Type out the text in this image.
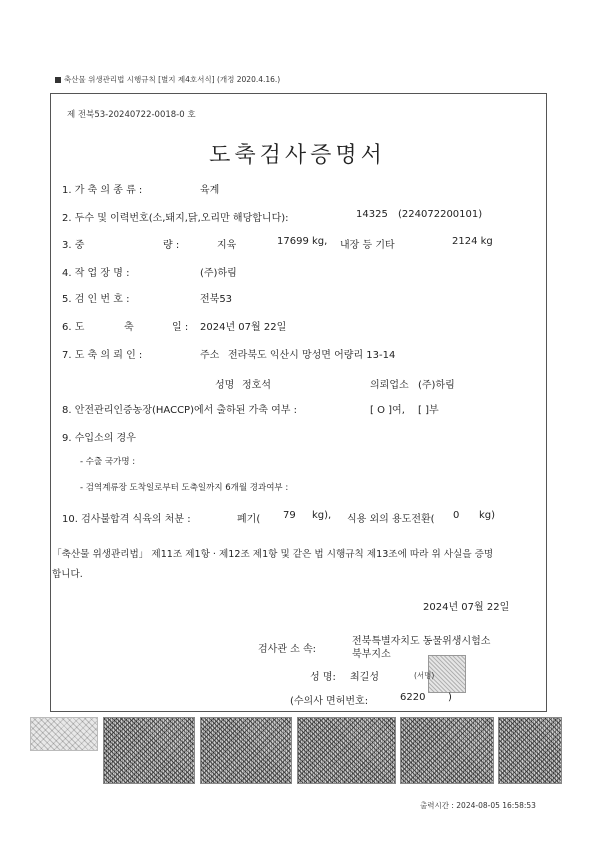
축산물 위생관리법 시행규칙 [별지 제4호서식] (개정 2020.4.16.)
제 전북53-20240722-0018-0 호
도축검사증명서
1. 가 축 의 종 류 :	육계
2. 두수 및 이력번호(소,돼지,닭,오리만 해당합니다):	14325 (224072200101)
3. 중	량 :	지육	17699 kg, 내장 등 기타	2124 kg
4. 작 업 장 명 :	(주)하림
5. 검 인 번 호 :	전북53
6. 도	축	일 : 2024년 07월 22일
7. 도 축 의 뢰 인 :	주소 전라북도 익산시 망성면 어량리 13-14
성명 정호석	의뢰업소 (주)하림
8. 안전관리인증농장(HACCP)에서 출하된 가축 여부 :	[ O ]여, [ ]부
9. 수입소의 경우
- 수출 국가명 :
- 검역계류장 도착일로부터 도축일까지 6개월 경과여부 :
10. 검사불합격 식육의 처분 :	폐기( 79 kg), 식용 외의 용도전환( 0 kg)
「축산물 위생관리법」 제11조 제1항 · 제12조 제1항 및 같은 법 시행규칙 제13조에 따라 위 사실을 증명
합니다.
2024년 07월 22일
검사관 소 속:
전북특별자치도 동물위생시험소
북부지소
성 명: 최길성	(서명)
(수의사 면허번호:	6220 )
출력시간 : 2024-08-05 16:58:53
